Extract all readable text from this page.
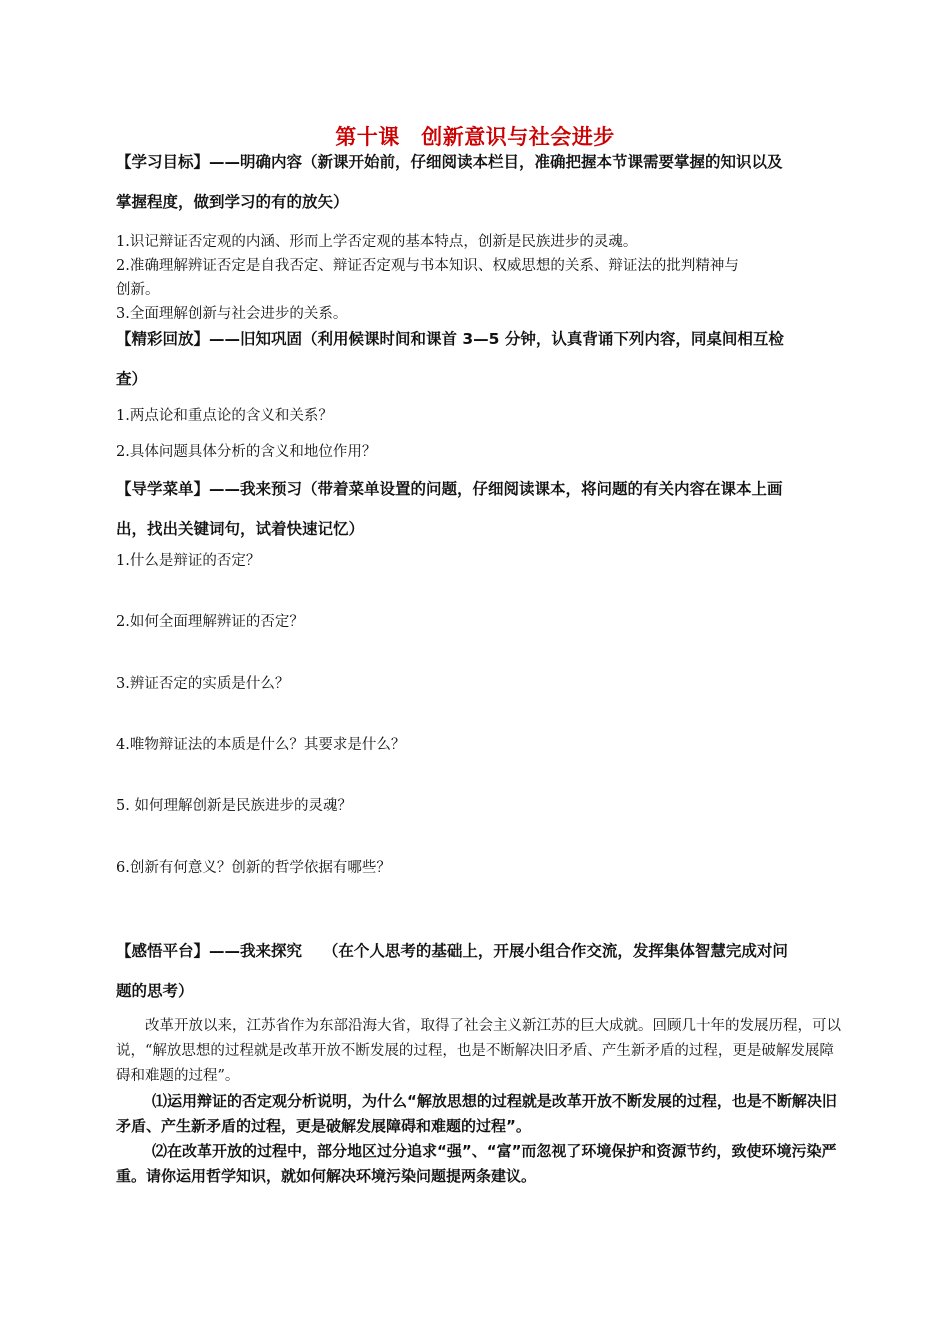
第十课　创新意识与社会进步
【学习目标】——明确内容（新课开始前，仔细阅读本栏目，准确把握本节课需要掌握的知识以及
掌握程度，做到学习的有的放矢）
1.识记辩证否定观的内涵、形而上学否定观的基本特点，创新是民族进步的灵魂。
2.准确理解辨证否定是自我否定、辩证否定观与书本知识、权威思想的关系、辩证法的批判精神与
创新。
3.全面理解创新与社会进步的关系。
【精彩回放】——旧知巩固（利用候课时间和课首 3—5 分钟，认真背诵下列内容，同桌间相互检
查）
1.两点论和重点论的含义和关系？
2.具体问题具体分析的含义和地位作用？
【导学菜单】——我来预习（带着菜单设置的问题，仔细阅读课本，将问题的有关内容在课本上画
出，找出关键词句，试着快速记忆）
1.什么是辩证的否定？
2.如何全面理解辨证的否定？
3.辨证否定的实质是什么？
4.唯物辩证法的本质是什么？其要求是什么？
5. 如何理解创新是民族进步的灵魂？
6.创新有何意义？创新的哲学依据有哪些？
【感悟平台】——我来探究　 （在个人思考的基础上，开展小组合作交流，发挥集体智慧完成对问
题的思考）
改革开放以来，江苏省作为东部沿海大省，取得了社会主义新江苏的巨大成就。回顾几十年的发展历程，可以说，“解放思想的过程就是改革开放不断发展的过程，也是不断解决旧矛盾、产生新矛盾的过程，更是破解发展障碍和难题的过程”。
⑴运用辩证的否定观分析说明，为什么“解放思想的过程就是改革开放不断发展的过程，也是不断解决旧矛盾、产生新矛盾的过程，更是破解发展障碍和难题的过程”。
⑵在改革开放的过程中，部分地区过分追求“强”、“富”而忽视了环境保护和资源节约，致使环境污染严重。请你运用哲学知识，就如何解决环境污染问题提两条建议。
